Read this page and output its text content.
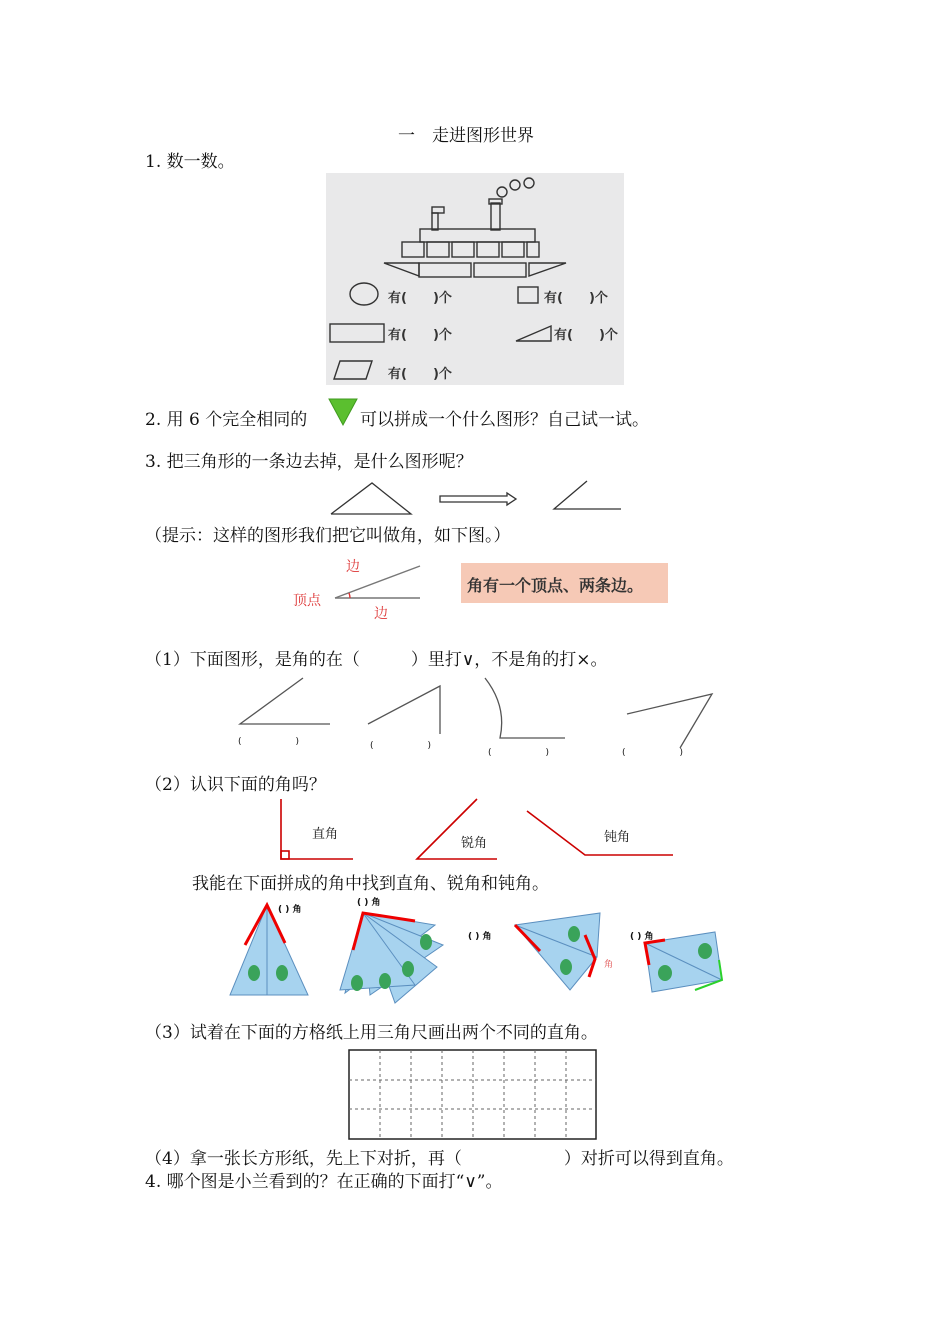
一　走进图形世界
1. 数一数。
有(　　)个	有(　　)个
有(　　)个	有(　　)个
有(　　)个
2. 用 6 个完全相同的	可以拼成一个什么图形？自己试一试。
3. 把三角形的一条边去掉，是什么图形呢？
（提示：这样的图形我们把它叫做角，如下图。）
边
顶点
边
角有一个顶点、两条边。
（1）下面图形，是角的在（　　　）里打∨，不是角的打×。
(　　　　　　)	(　　　　　　)
(　　　　　　)	(　　　　　　)
（2）认识下面的角吗？
直角
锐角	钝角
我能在下面拼成的角中找到直角、锐角和钝角。
( ) 角
( ) 角
( ) 角	( ) 角
角
（3）试着在下面的方格纸上用三角尺画出两个不同的直角。
（4）拿一张长方形纸，先上下对折，再（　　　　　　）对折可以得到直角。
4. 哪个图是小兰看到的？在正确的下面打“∨”。
